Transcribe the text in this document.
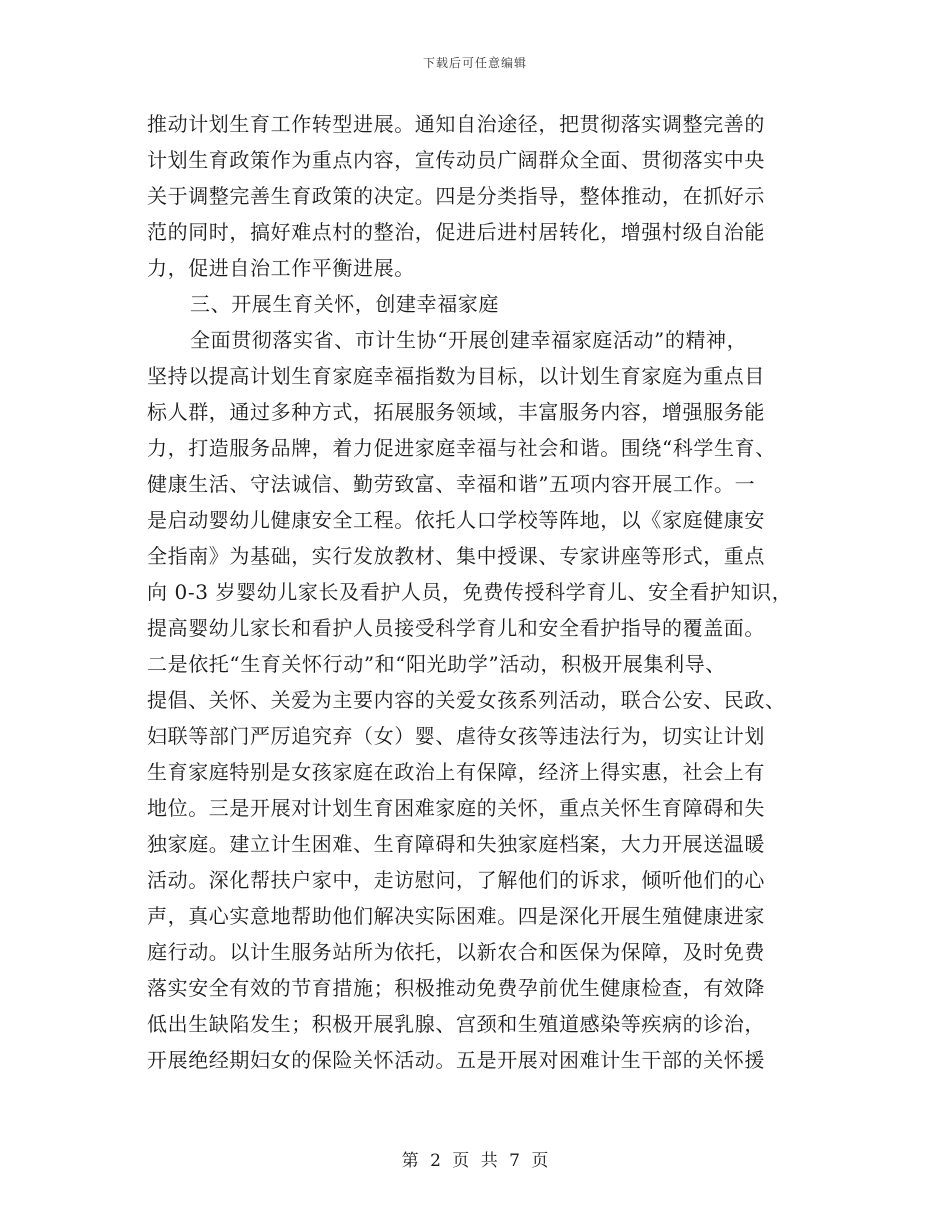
下载后可任意编辑
推动计划生育工作转型进展。通知自治途径，把贯彻落实调整完善的
计划生育政策作为重点内容，宣传动员广阔群众全面、贯彻落实中央
关于调整完善生育政策的决定。四是分类指导，整体推动，在抓好示
范的同时，搞好难点村的整治，促进后进村居转化，增强村级自治能
力，促进自治工作平衡进展。
三、开展生育关怀，创建幸福家庭
全面贯彻落实省、市计生协“开展创建幸福家庭活动”的精神，
坚持以提高计划生育家庭幸福指数为目标，以计划生育家庭为重点目
标人群，通过多种方式，拓展服务领域，丰富服务内容，增强服务能
力，打造服务品牌，着力促进家庭幸福与社会和谐。围绕“科学生育、
健康生活、守法诚信、勤劳致富、幸福和谐”五项内容开展工作。一
是启动婴幼儿健康安全工程。依托人口学校等阵地，以《家庭健康安
全指南》为基础，实行发放教材、集中授课、专家讲座等形式，重点
向 0-3 岁婴幼儿家长及看护人员，免费传授科学育儿、安全看护知识，
提高婴幼儿家长和看护人员接受科学育儿和安全看护指导的覆盖面。
二是依托“生育关怀行动”和“阳光助学”活动，积极开展集利导、
提倡、关怀、关爱为主要内容的关爱女孩系列活动，联合公安、民政、
妇联等部门严厉追究弃（女）婴、虐待女孩等违法行为，切实让计划
生育家庭特别是女孩家庭在政治上有保障，经济上得实惠，社会上有
地位。三是开展对计划生育困难家庭的关怀，重点关怀生育障碍和失
独家庭。建立计生困难、生育障碍和失独家庭档案，大力开展送温暖
活动。深化帮扶户家中，走访慰问，了解他们的诉求，倾听他们的心
声，真心实意地帮助他们解决实际困难。四是深化开展生殖健康进家
庭行动。以计生服务站所为依托，以新农合和医保为保障，及时免费
落实安全有效的节育措施；积极推动免费孕前优生健康检查，有效降
低出生缺陷发生；积极开展乳腺、宫颈和生殖道感染等疾病的诊治，
开展绝经期妇女的保险关怀活动。五是开展对困难计生干部的关怀援
第 2 页 共 7 页
